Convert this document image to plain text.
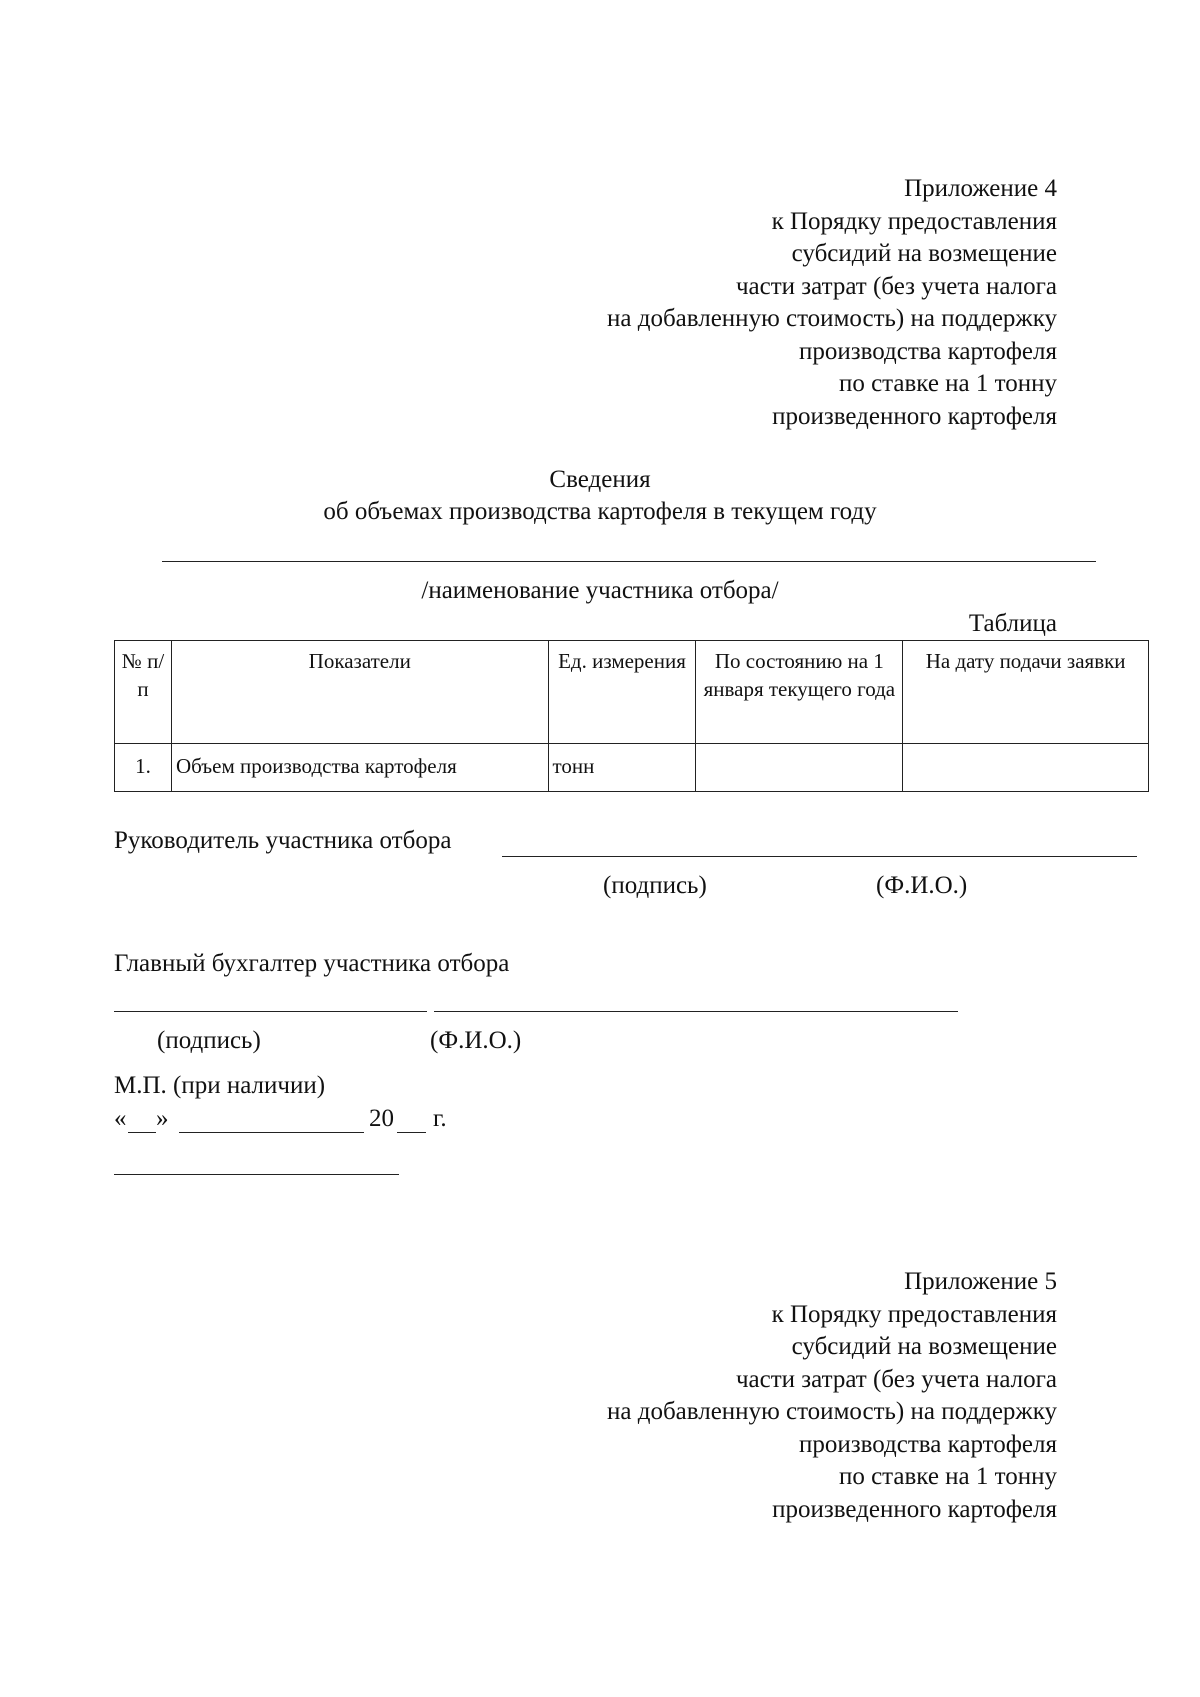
Приложение 4
к Порядку предоставления
субсидий на возмещение
части затрат (без учета налога
на добавленную стоимость) на поддержку
производства картофеля
по ставке на 1 тонну
произведенного картофеля
Сведения
об объемах производства картофеля в текущем году
/наименование участника отбора/
Таблица
№ п/п	Показатели	Ед. измерения	По состоянию на 1 января текущего года	На дату подачи заявки
1.	Объем производства картофеля	тонн		
Руководитель участника отбора
(подпись)	(Ф.И.О.)
Главный бухгалтер участника отбора
(подпись)	(Ф.И.О.)
М.П. (при наличии)
« »	20 г.
Приложение 5
к Порядку предоставления
субсидий на возмещение
части затрат (без учета налога
на добавленную стоимость) на поддержку
производства картофеля
по ставке на 1 тонну
произведенного картофеля
